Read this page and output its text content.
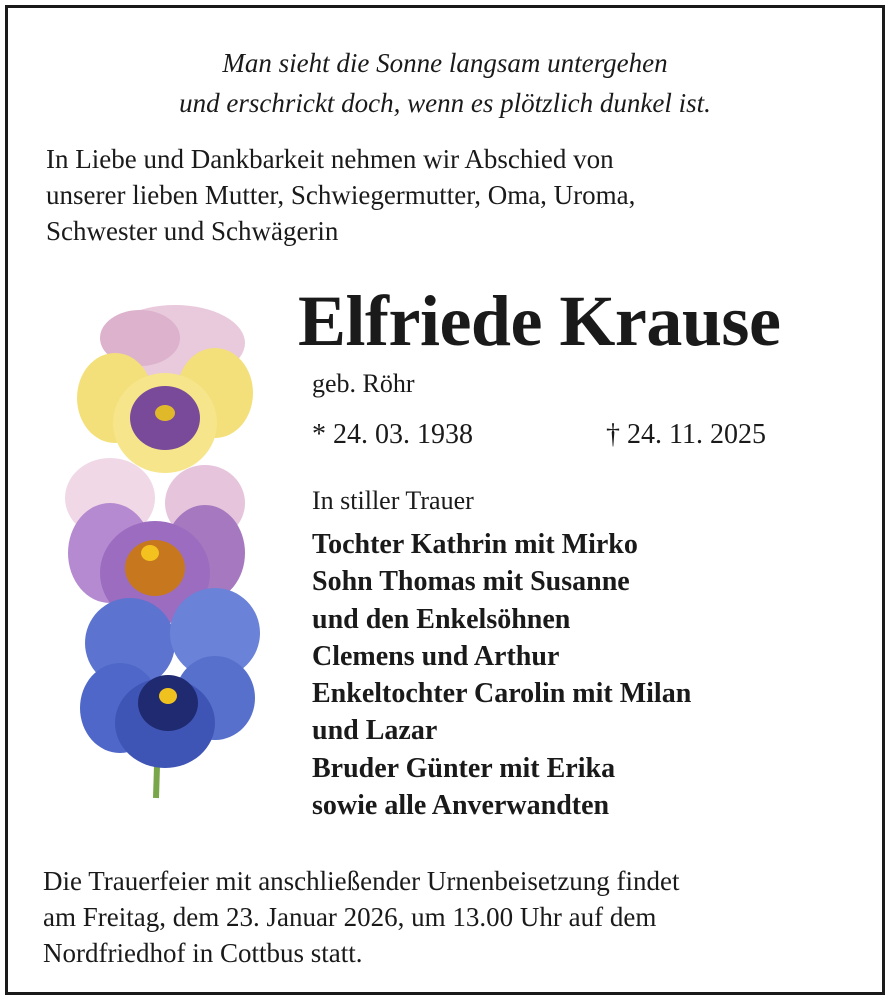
Man sieht die Sonne langsam untergehen
und erschrickt doch, wenn es plötzlich dunkel ist.
In Liebe und Dankbarkeit nehmen wir Abschied von
unserer lieben Mutter, Schwiegermutter, Oma, Uroma,
Schwester und Schwägerin
Elfriede Krause
geb. Röhr
* 24. 03. 1938	† 24. 11. 2025
In stiller Trauer
Tochter Kathrin mit Mirko
Sohn Thomas mit Susanne
und den Enkelsöhnen
Clemens und Arthur
Enkeltochter Carolin mit Milan
und Lazar
Bruder Günter mit Erika
sowie alle Anverwandten
Die Trauerfeier mit anschließender Urnenbeisetzung findet
am Freitag, dem 23. Januar 2026, um 13.00 Uhr auf dem
Nordfriedhof in Cottbus statt.
